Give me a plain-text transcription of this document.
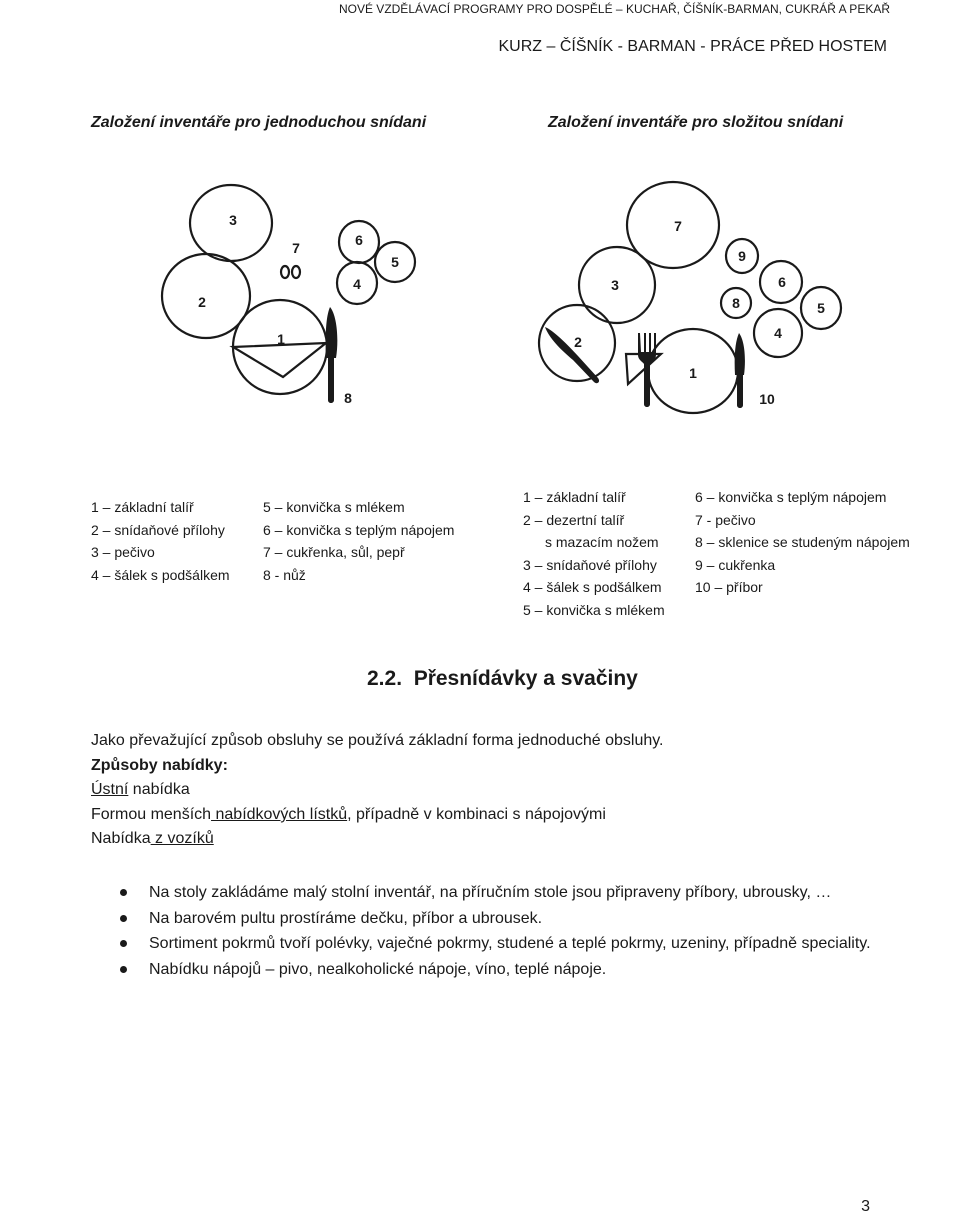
NOVÉ VZDĚLÁVACÍ PROGRAMY PRO DOSPĚLÉ – KUCHAŘ, ČÍŠNÍK-BARMAN, CUKRÁŘ A PEKAŘ
KURZ – ČÍŠNÍK - BARMAN - PRÁCE PŘED HOSTEM
Založení inventáře pro jednoduchou snídani	Založení inventáře pro složitou snídani
3
7	6
5
4
2
1
8
7
9
6
3
8	5
4
2
1
10
1 – základní talíř
2 – snídaňové přílohy
3 – pečivo
4 – šálek s podšálkem
5 – konvička s mlékem
6 – konvička s teplým nápojem
7 – cukřenka, sůl, pepř
8 - nůž
1 – základní talíř
2 – dezertní talíř
s mazacím nožem
3 – snídaňové přílohy
4 – šálek s podšálkem
5 – konvička s mlékem
6 – konvička s teplým nápojem
7 - pečivo
8 – sklenice se studeným nápojem
9 – cukřenka
10 – příbor
2.2.  Přesnídávky a svačiny
Jako převažující způsob obsluhy se používá základní forma jednoduché obsluhy.
Způsoby nabídky:
Ústní nabídka
Formou menších nabídkových lístků, případně v kombinaci s nápojovými
Nabídka z vozíků
Na stoly zakládáme malý stolní inventář, na příručním stole jsou připraveny příbory, ubrousky, …
Na barovém pultu prostíráme dečku, příbor a ubrousek.
Sortiment pokrmů tvoří polévky, vaječné pokrmy, studené a teplé pokrmy, uzeniny, případně speciality.
Nabídku nápojů – pivo, nealkoholické nápoje, víno, teplé nápoje.
3
